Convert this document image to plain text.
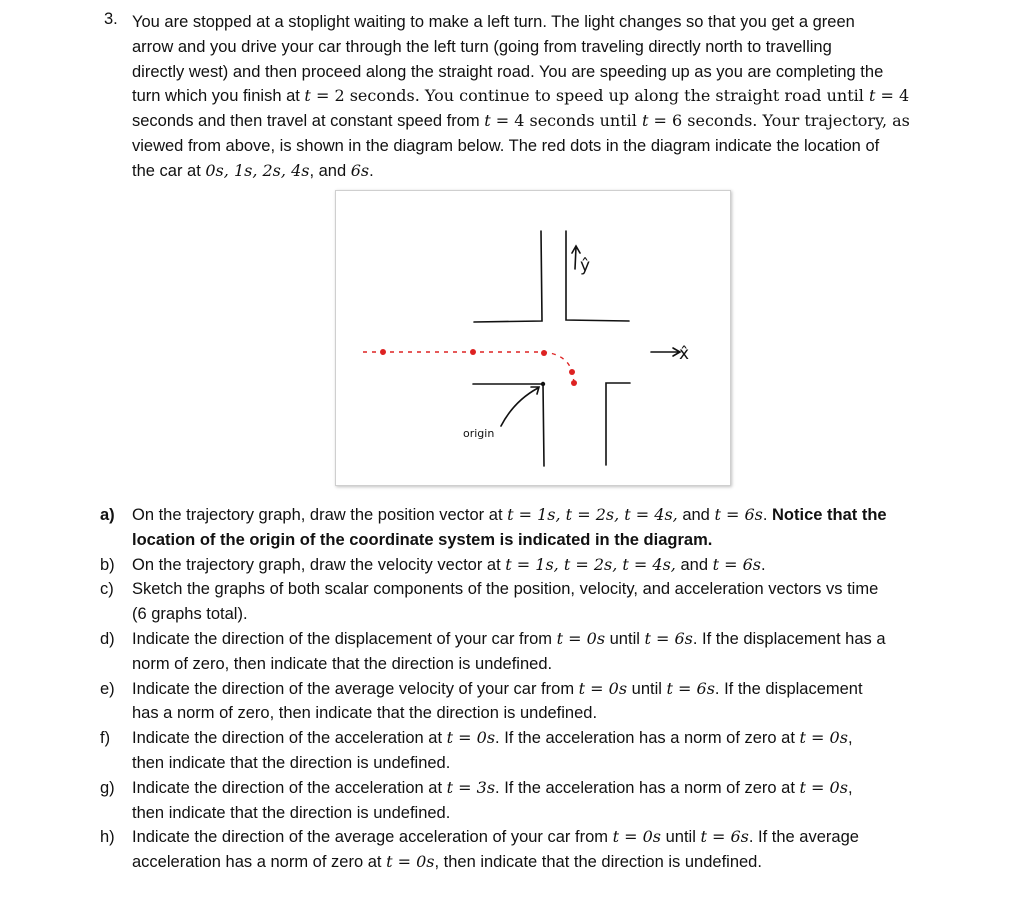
3. You are stopped at a stoplight waiting to make a left turn. The light changes so that you get a green
arrow and you drive your car through the left turn (going from traveling directly north to travelling
directly west) and then proceed along the straight road. You are speeding up as you are completing the
turn which you finish at t = 2 seconds. You continue to speed up along the straight road until t = 4
seconds and then travel at constant speed from t = 4 seconds until t = 6 seconds. Your trajectory, as
viewed from above, is shown in the diagram below. The red dots in the diagram indicate the location of
the car at 0s, 1s, 2s, 4s, and 6s.
ŷ
x̂
origin
a) On the trajectory graph, draw the position vector at t = 1s, t = 2s, t = 4s, and t = 6s. Notice that the
location of the origin of the coordinate system is indicated in the diagram.
b) On the trajectory graph, draw the velocity vector at t = 1s, t = 2s, t = 4s, and t = 6s.
c) Sketch the graphs of both scalar components of the position, velocity, and acceleration vectors vs time
(6 graphs total).
d) Indicate the direction of the displacement of your car from t = 0s until t = 6s. If the displacement has a
norm of zero, then indicate that the direction is undefined.
e) Indicate the direction of the average velocity of your car from t = 0s until t = 6s. If the displacement
has a norm of zero, then indicate that the direction is undefined.
f) Indicate the direction of the acceleration at t = 0s. If the acceleration has a norm of zero at t = 0s,
then indicate that the direction is undefined.
g) Indicate the direction of the acceleration at t = 3s. If the acceleration has a norm of zero at t = 0s,
then indicate that the direction is undefined.
h) Indicate the direction of the average acceleration of your car from t = 0s until t = 6s. If the average
acceleration has a norm of zero at t = 0s, then indicate that the direction is undefined.
